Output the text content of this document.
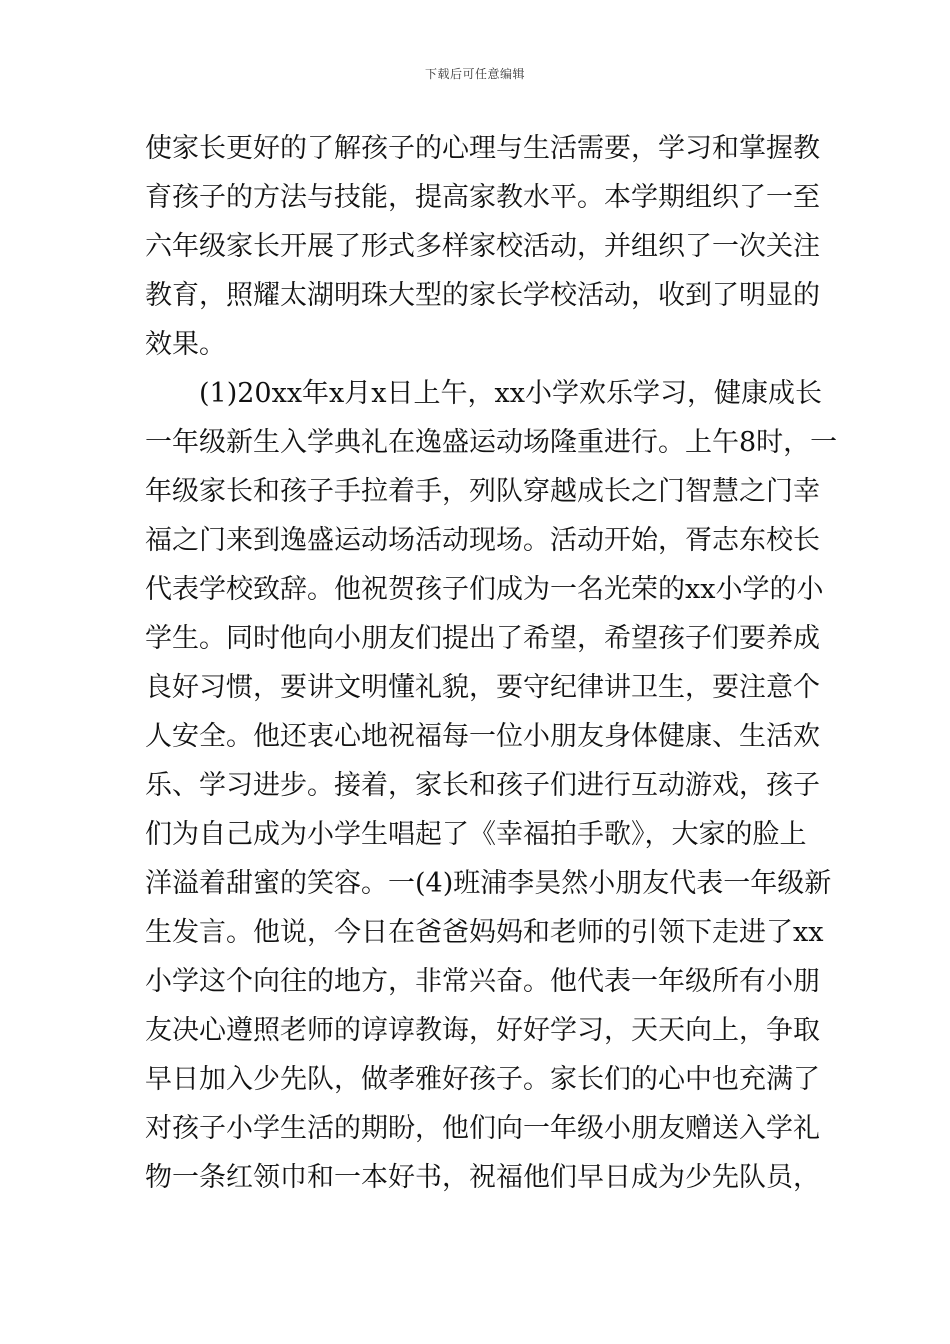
下载后可任意编辑
使家长更好的了解孩子的心理与生活需要，学习和掌握教
育孩子的方法与技能，提高家教水平。本学期组织了一至
六年级家长开展了形式多样家校活动，并组织了一次关注
教育，照耀太湖明珠大型的家长学校活动，收到了明显的
效果。
(1)20xx年x月x日上午，xx小学欢乐学习，健康成长
一年级新生入学典礼在逸盛运动场隆重进行。上午8时，一
年级家长和孩子手拉着手，列队穿越成长之门智慧之门幸
福之门来到逸盛运动场活动现场。活动开始，胥志东校长
代表学校致辞。他祝贺孩子们成为一名光荣的xx小学的小
学生。同时他向小朋友们提出了希望，希望孩子们要养成
良好习惯，要讲文明懂礼貌，要守纪律讲卫生，要注意个
人安全。他还衷心地祝福每一位小朋友身体健康、生活欢
乐、学习进步。接着，家长和孩子们进行互动游戏，孩子
们为自己成为小学生唱起了《幸福拍手歌》，大家的脸上
洋溢着甜蜜的笑容。一(4)班浦李昊然小朋友代表一年级新
生发言。他说，今日在爸爸妈妈和老师的引领下走进了xx
小学这个向往的地方，非常兴奋。他代表一年级所有小朋
友决心遵照老师的谆谆教诲，好好学习，天天向上，争取
早日加入少先队，做孝雅好孩子。家长们的心中也充满了
对孩子小学生活的期盼，他们向一年级小朋友赠送入学礼
物一条红领巾和一本好书，祝福他们早日成为少先队员，
